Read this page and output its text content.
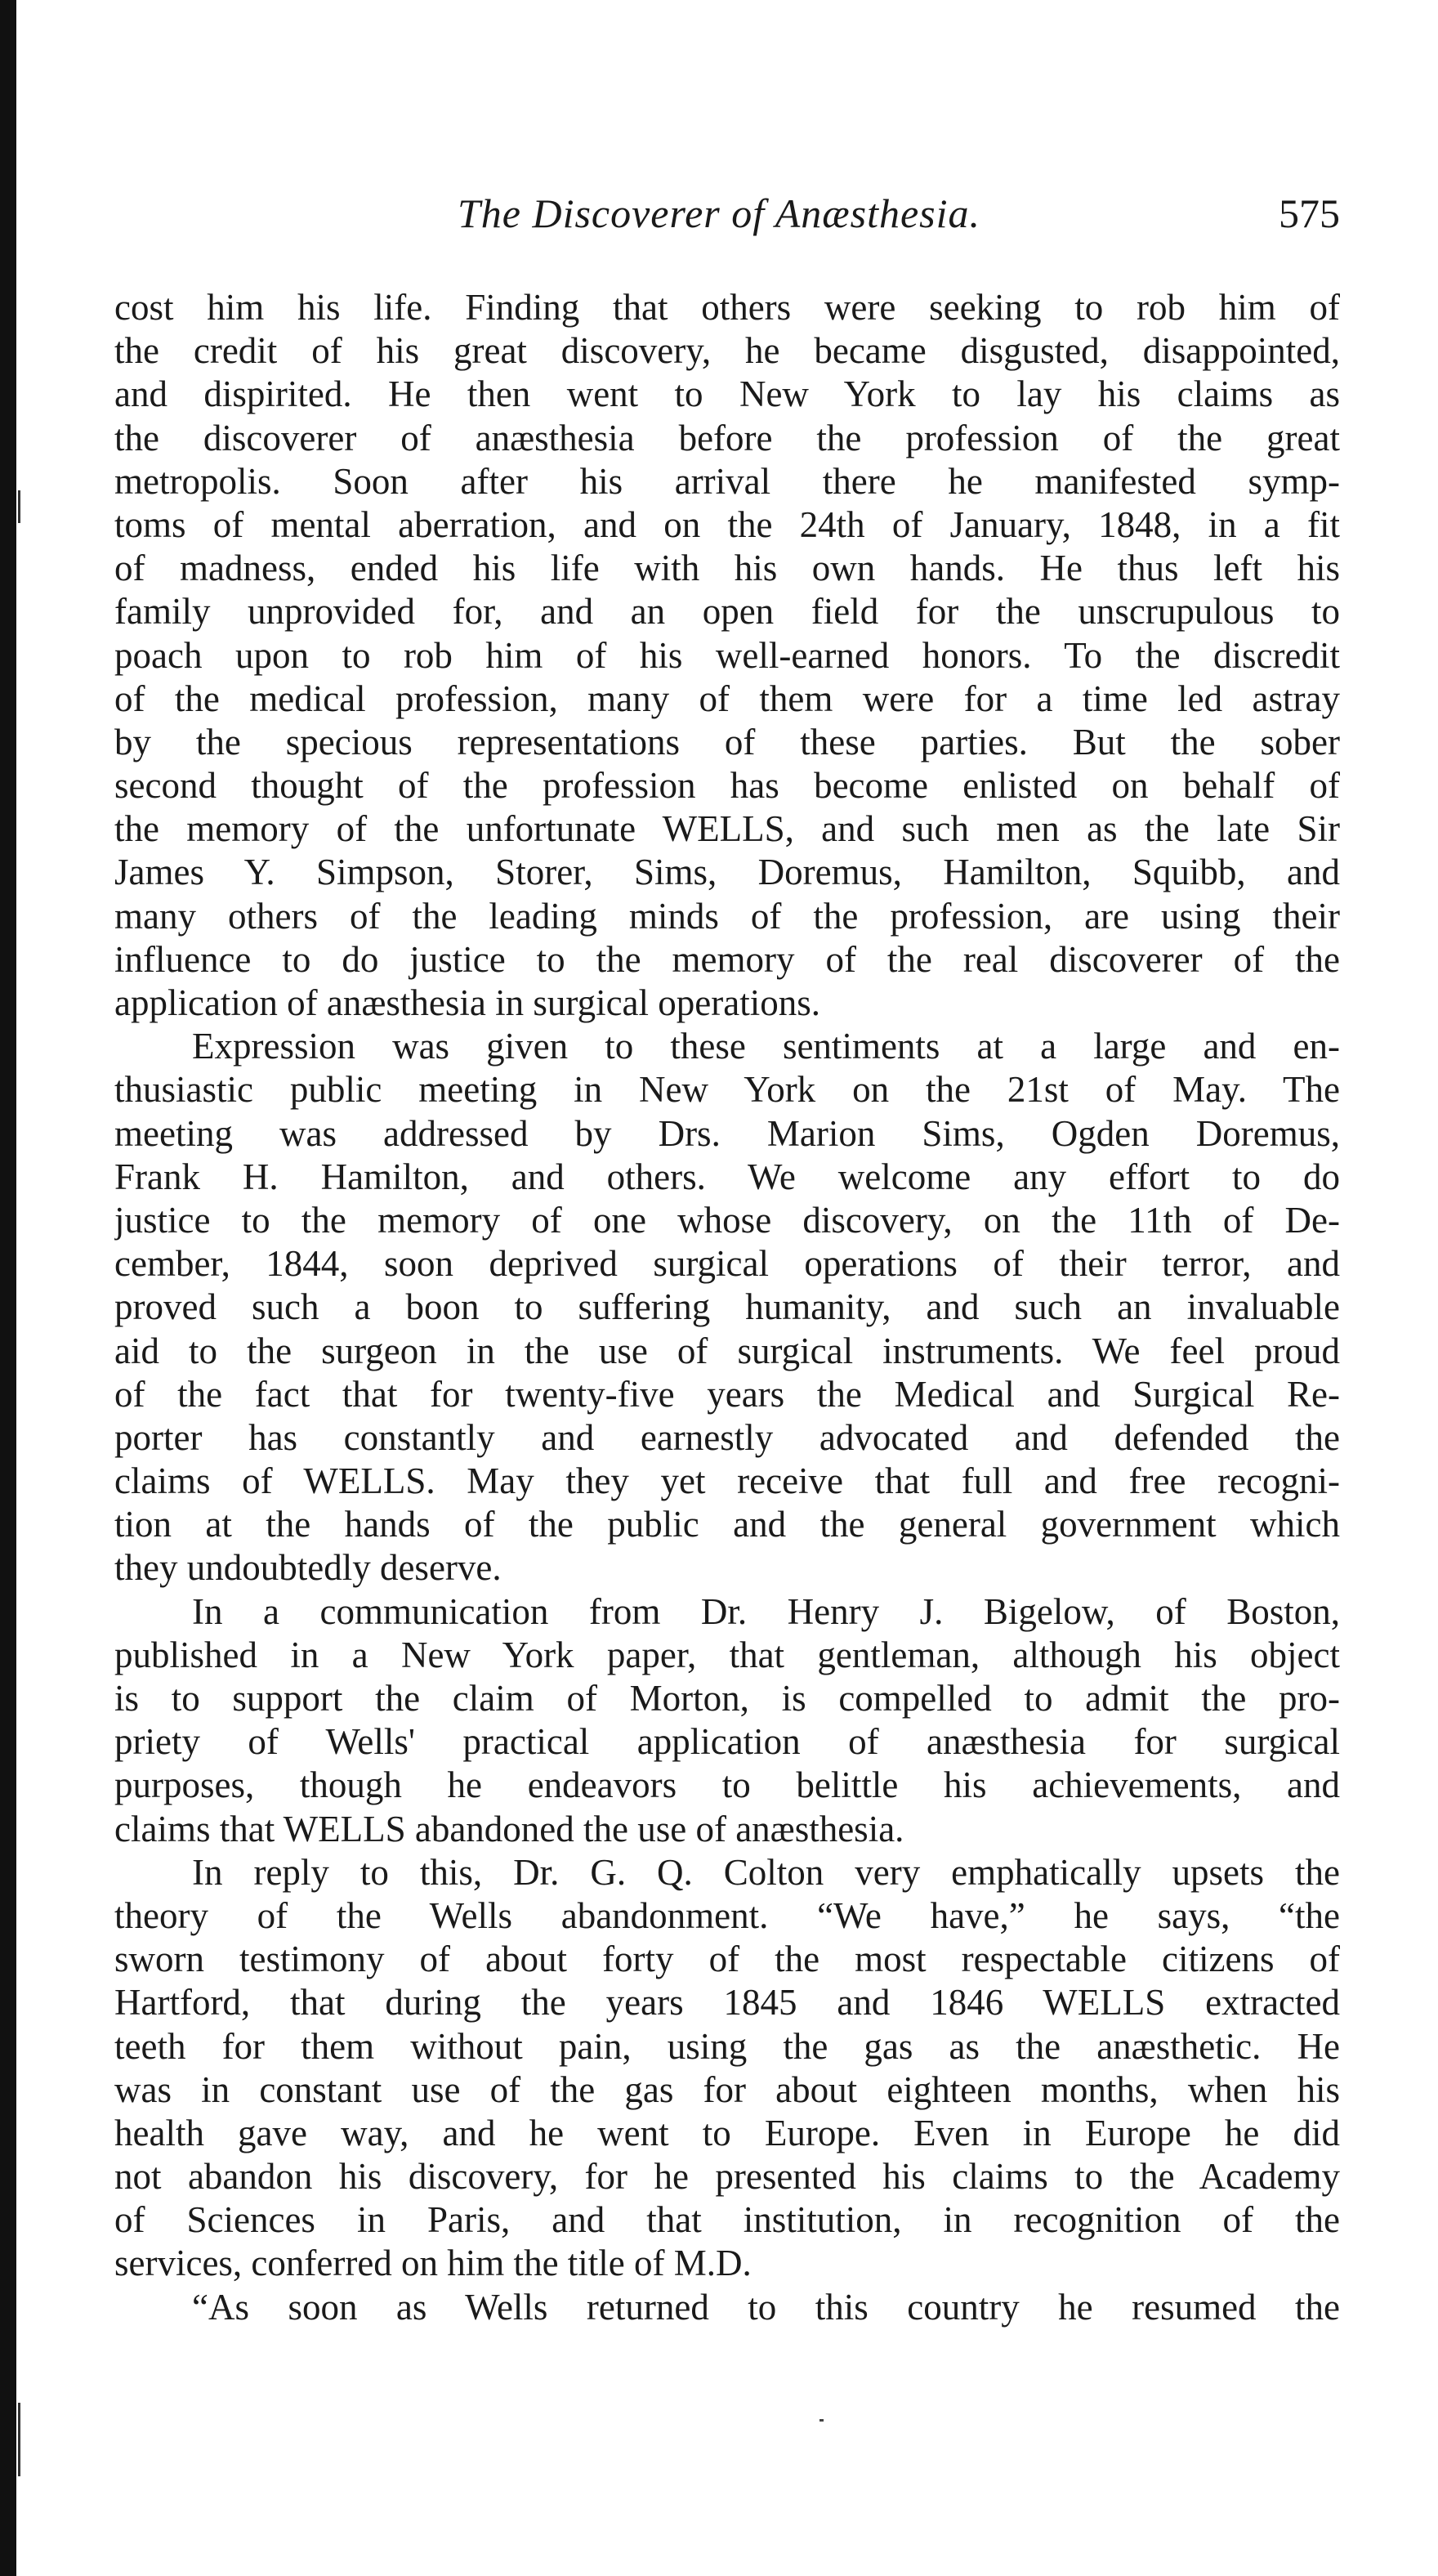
The Discoverer of Anæsthesia.	575
cost him his life. Finding that others were seeking to rob him of
the credit of his great discovery, he became disgusted, disappointed,
and dispirited. He then went to New York to lay his claims as
the discoverer of anæsthesia before the profession of the great
metropolis. Soon after his arrival there he manifested symp-
toms of mental aberration, and on the 24th of January, 1848, in a fit
of madness, ended his life with his own hands. He thus left his
family unprovided for, and an open field for the unscrupulous to
poach upon to rob him of his well-earned honors. To the discredit
of the medical profession, many of them were for a time led astray
by the specious representations of these parties. But the sober
second thought of the profession has become enlisted on behalf of
the memory of the unfortunate WELLS, and such men as the late Sir
James Y. Simpson, Storer, Sims, Doremus, Hamilton, Squibb, and
many others of the leading minds of the profession, are using their
influence to do justice to the memory of the real discoverer of the
application of anæsthesia in surgical operations.
Expression was given to these sentiments at a large and en-
thusiastic public meeting in New York on the 21st of May. The
meeting was addressed by Drs. Marion Sims, Ogden Doremus,
Frank H. Hamilton, and others. We welcome any effort to do
justice to the memory of one whose discovery, on the 11th of De-
cember, 1844, soon deprived surgical operations of their terror, and
proved such a boon to suffering humanity, and such an invaluable
aid to the surgeon in the use of surgical instruments. We feel proud
of the fact that for twenty-five years the Medical and Surgical Re-
porter has constantly and earnestly advocated and defended the
claims of WELLS. May they yet receive that full and free recogni-
tion at the hands of the public and the general government which
they undoubtedly deserve.
In a communication from Dr. Henry J. Bigelow, of Boston,
published in a New York paper, that gentleman, although his object
is to support the claim of Morton, is compelled to admit the pro-
priety of Wells' practical application of anæsthesia for surgical
purposes, though he endeavors to belittle his achievements, and
claims that WELLS abandoned the use of anæsthesia.
In reply to this, Dr. G. Q. Colton very emphatically upsets the
theory of the Wells abandonment. “We have,” he says, “the
sworn testimony of about forty of the most respectable citizens of
Hartford, that during the years 1845 and 1846 WELLS extracted
teeth for them without pain, using the gas as the anæsthetic. He
was in constant use of the gas for about eighteen months, when his
health gave way, and he went to Europe. Even in Europe he did
not abandon his discovery, for he presented his claims to the Academy
of Sciences in Paris, and that institution, in recognition of the
services, conferred on him the title of M.D.
“As soon as Wells returned to this country he resumed the
